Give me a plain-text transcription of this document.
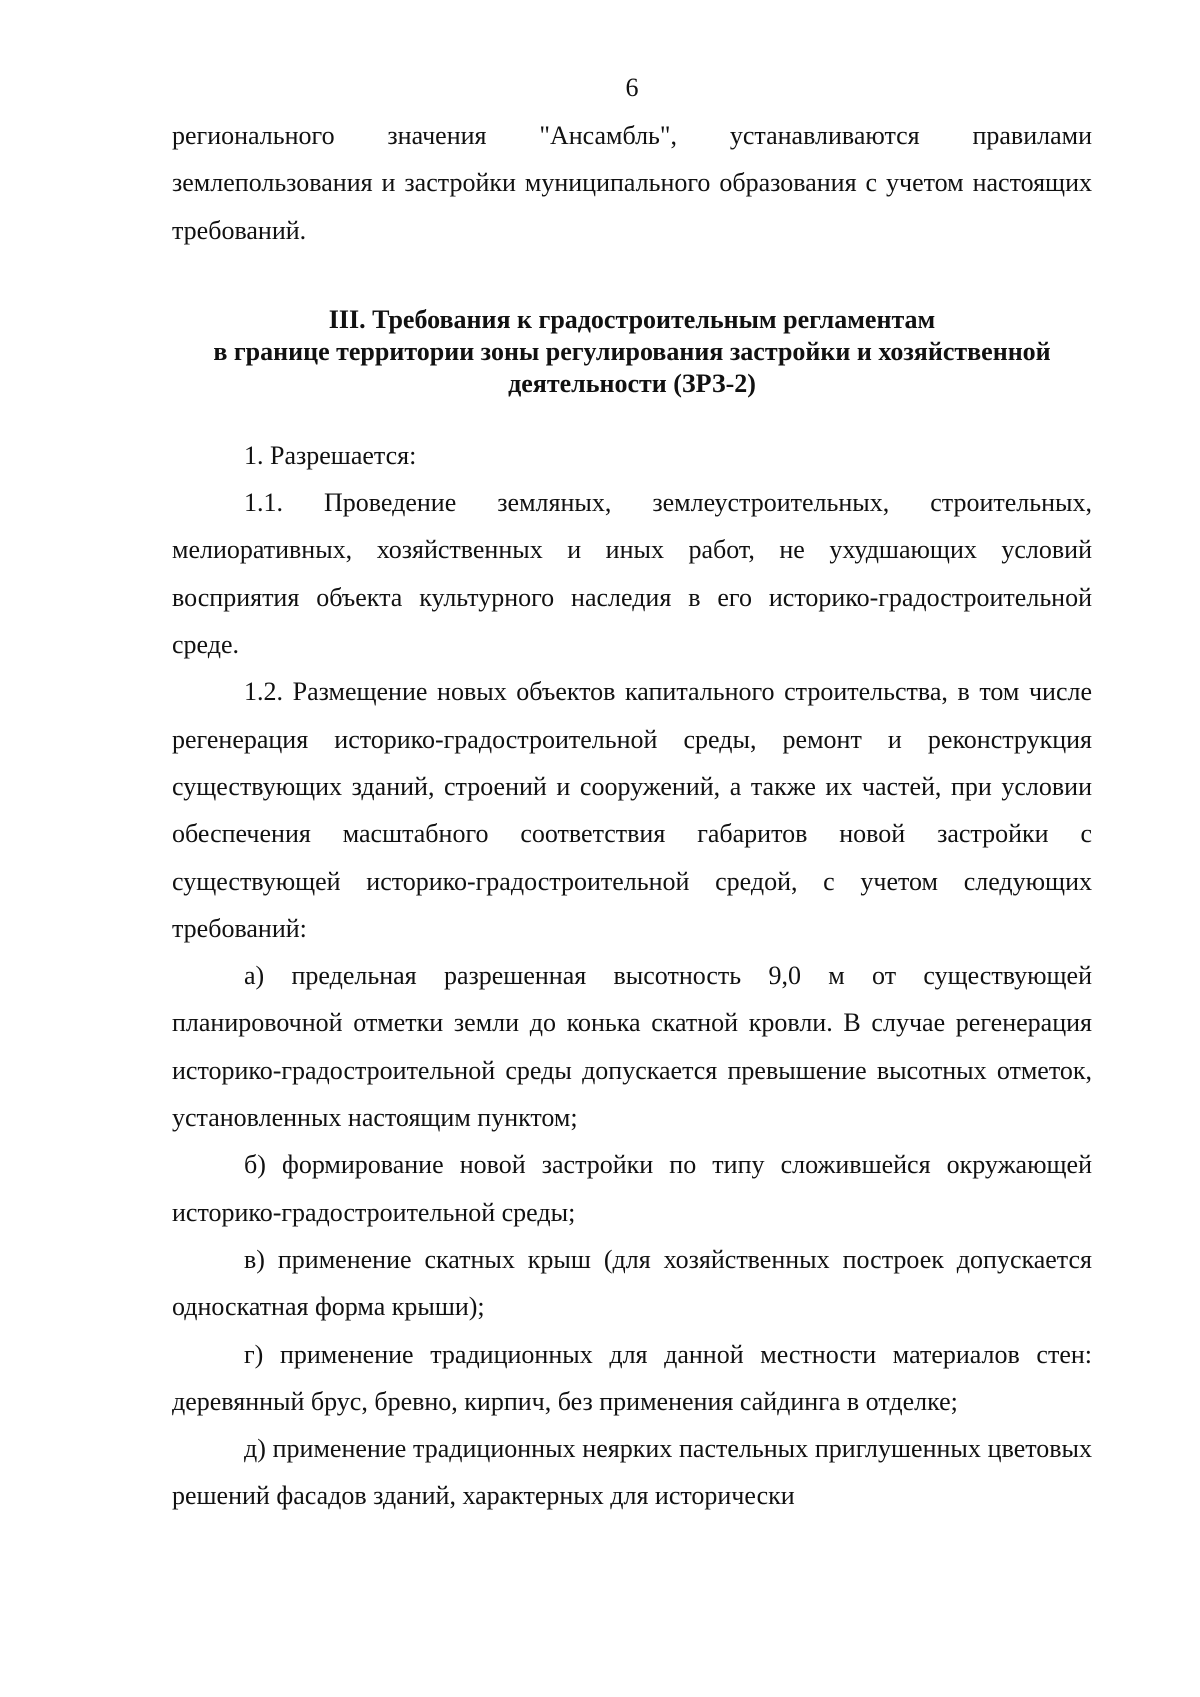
6

регионального значения "Ансамбль", устанавливаются правилами землепользования и застройки муниципального образования с учетом настоящих требований.

III. Требования к градостроительным регламентам
в границе территории зоны регулирования застройки и хозяйственной
деятельности (ЗРЗ-2)

1. Разрешается:

1.1. Проведение земляных, землеустроительных, строительных, мелиоративных, хозяйственных и иных работ, не ухудшающих условий восприятия объекта культурного наследия в его историко-градостроительной среде.

1.2. Размещение новых объектов капитального строительства, в том числе регенерация историко-градостроительной среды, ремонт и реконструкция существующих зданий, строений и сооружений, а также их частей, при условии обеспечения масштабного соответствия габаритов новой застройки с существующей историко-градостроительной средой, с учетом следующих требований:

а) предельная разрешенная высотность 9,0 м от существующей планировочной отметки земли до конька скатной кровли. В случае регенерация историко-градостроительной среды допускается превышение высотных отметок, установленных настоящим пунктом;

б) формирование новой застройки по типу сложившейся окружающей историко-градостроительной среды;

в) применение скатных крыш (для хозяйственных построек допускается односкатная форма крыши);

г) применение традиционных для данной местности материалов стен: деревянный брус, бревно, кирпич, без применения сайдинга в отделке;

д) применение традиционных неярких пастельных приглушенных цветовых решений фасадов зданий, характерных для исторически
